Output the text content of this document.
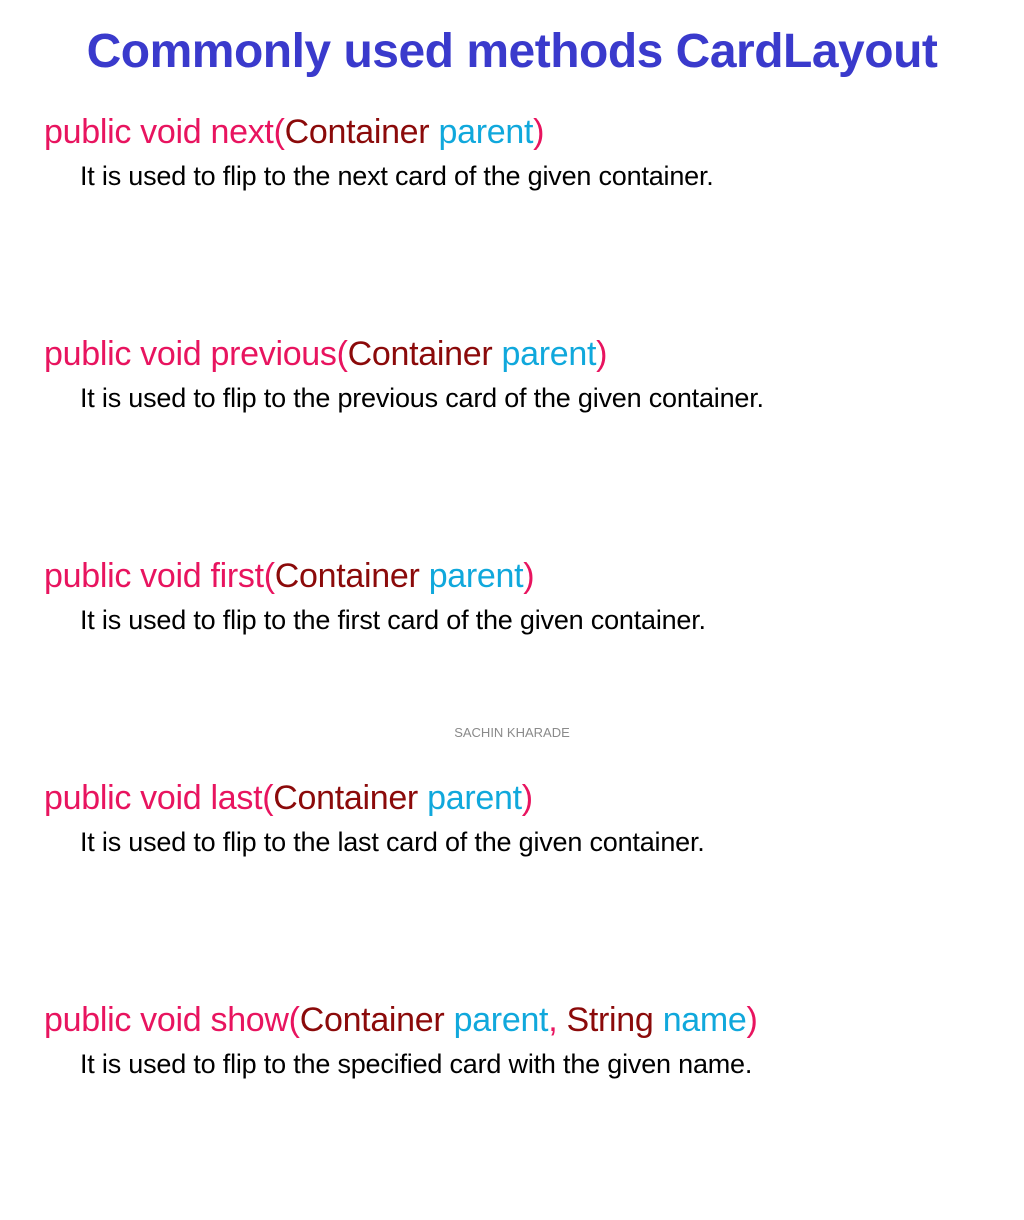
Commonly used methods CardLayout
public void next(Container parent)
It is used to flip to the next card of the given container.
public void previous(Container parent)
It is used to flip to the previous card of the given container.
public void first(Container parent)
It is used to flip to the first card of the given container.
public void last(Container parent)
It is used to flip to the last card of the given container.
public void show(Container parent, String name)
It is used to flip to the specified card with the given name.
SACHIN KHARADE
